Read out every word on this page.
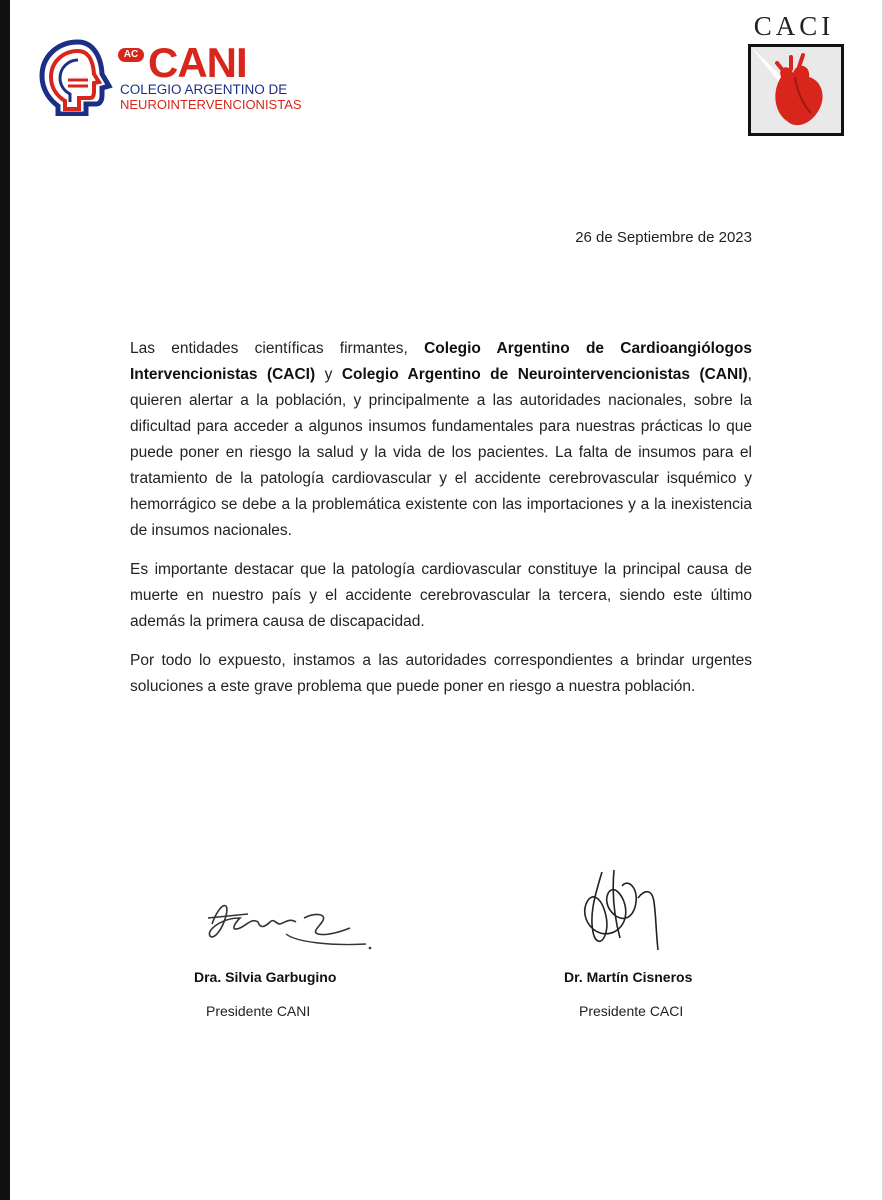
AC CANI
COLEGIO ARGENTINO DE
NEUROINTERVENCIONISTAS
CACI
26 de Septiembre de 2023

Las entidades científicas firmantes, Colegio Argentino de Cardioangiólogos Intervencionistas (CACI) y Colegio Argentino de Neurointervencionistas (CANI), quieren alertar a la población, y principalmente a las autoridades nacionales, sobre la dificultad para acceder a algunos insumos fundamentales para nuestras prácticas lo que puede poner en riesgo la salud y la vida de los pacientes. La falta de insumos para el tratamiento de la patología cardiovascular y el accidente cerebrovascular isquémico y hemorrágico se debe a la problemática existente con las importaciones y a la inexistencia de insumos nacionales.

Es importante destacar que la patología cardiovascular constituye la principal causa de muerte en nuestro país y el accidente cerebrovascular la tercera, siendo este último además la primera causa de discapacidad.

Por todo lo expuesto, instamos a las autoridades correspondientes a brindar urgentes soluciones a este grave problema que puede poner en riesgo a nuestra población.

Dra. Silvia Garbugino
Presidente CANI
Dr. Martín Cisneros
Presidente CACI
